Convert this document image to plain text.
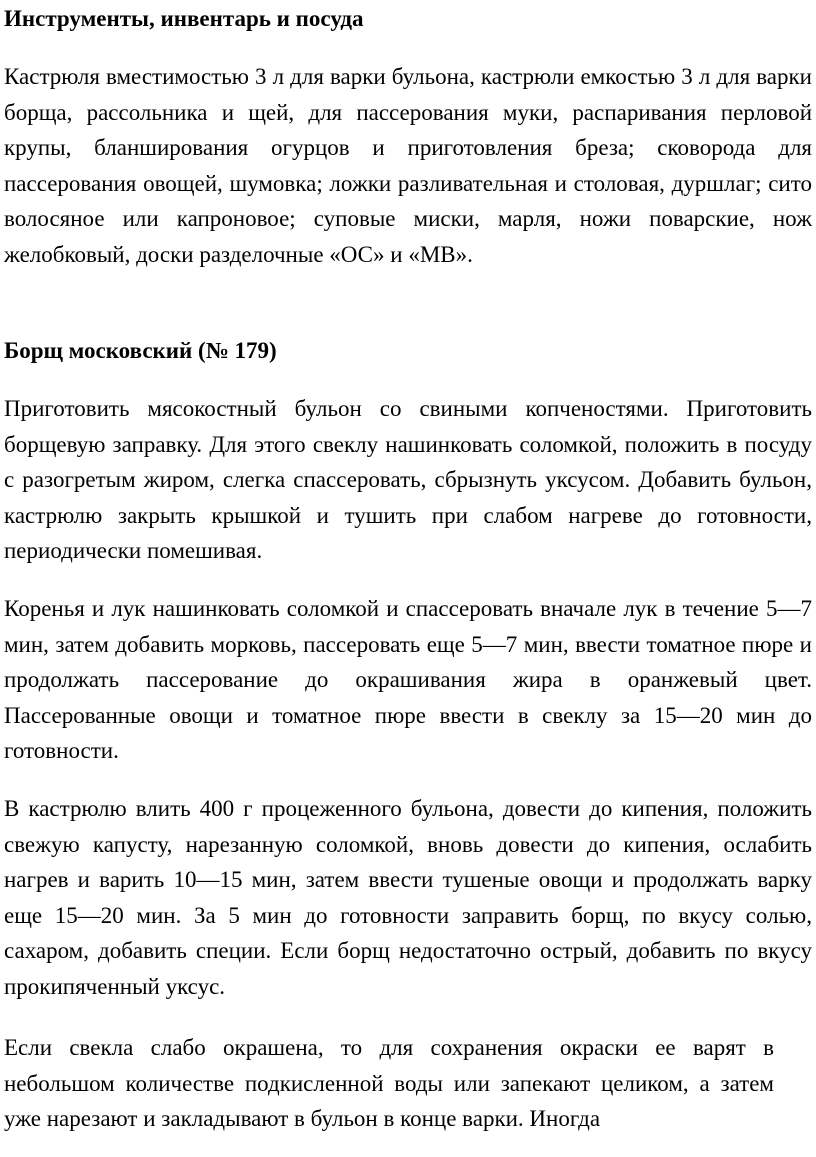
Инструменты, инвентарь и посуда

Кастрюля вместимостью 3 л для варки бульона, кастрюли емкостью 3 л для варки борща, рассольника и щей, для пассерования муки, распаривания перловой крупы, бланширования огурцов и приготовления бреза; сковорода для пассерования овощей, шумовка; ложки разливательная и столовая, дуршлаг; сито волосяное или капроновое; суповые миски, марля, ножи поварские, нож желобковый, доски разделочные «ОС» и «МВ».

Борщ московский (№ 179)

Приготовить мясокостный бульон со свиными копченостями. Приготовить борщевую заправку. Для этого свеклу нашинковать соломкой, положить в посуду с разогретым жиром, слегка спассеровать, сбрызнуть уксусом. Добавить бульон, кастрюлю закрыть крышкой и тушить при слабом нагреве до готовности, периодически помешивая.

Коренья и лук нашинковать соломкой и спассеровать вначале лук в течение 5—7 мин, затем добавить морковь, пассеровать еще 5—7 мин, ввести томатное пюре и продолжать пассерование до окрашивания жира в оранжевый цвет. Пассерованные овощи и томатное пюре ввести в свеклу за 15—20 мин до готовности.

В кастрюлю влить 400 г процеженного бульона, довести до кипения, положить свежую капусту, нарезанную соломкой, вновь довести до кипения, ослабить нагрев и варить 10—15 мин, затем ввести тушеные овощи и продолжать варку еще 15—20 мин. За 5 мин до готовности заправить борщ, по вкусу солью, сахаром, добавить специи. Если борщ недостаточно острый, добавить по вкусу прокипяченный уксус.

Если свекла слабо окрашена, то для сохранения окраски ее варят в небольшом количестве подкисленной воды или запекают целиком, а затем уже нарезают и закладывают в бульон в конце варки. Иногда
